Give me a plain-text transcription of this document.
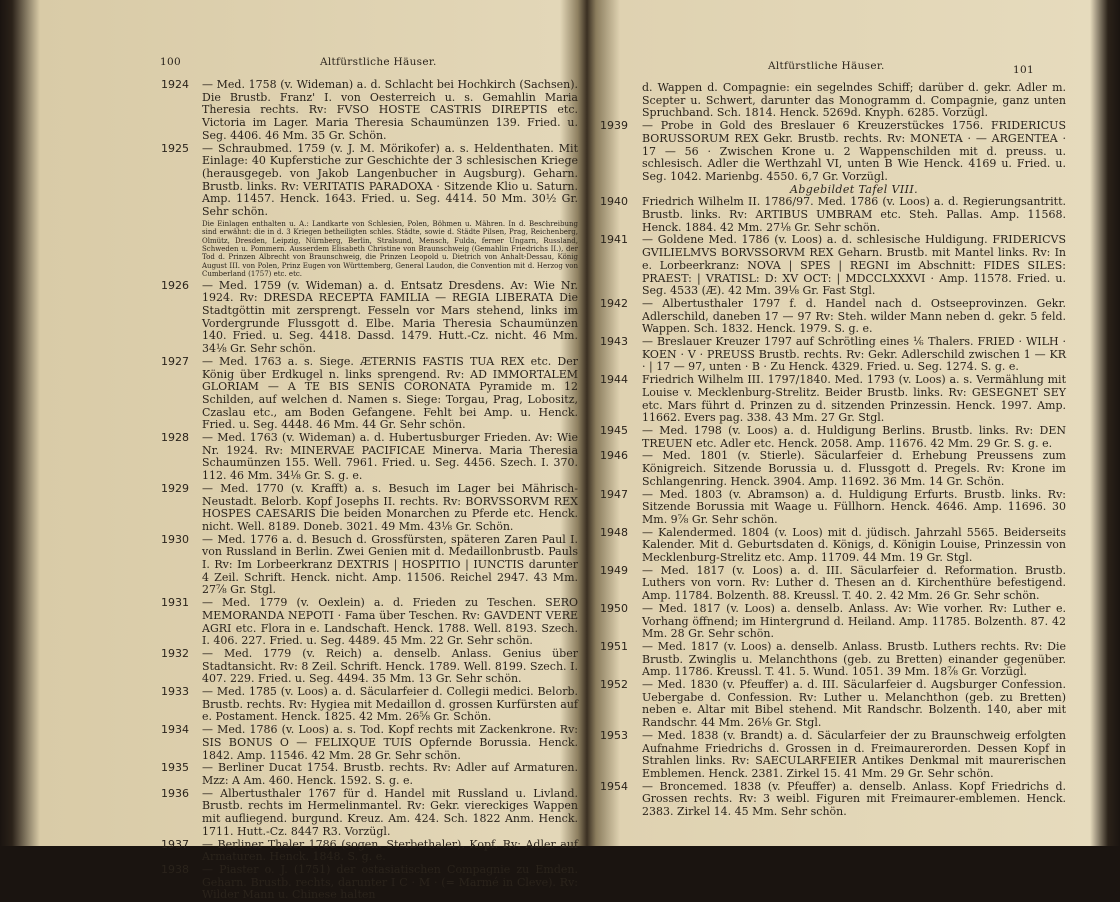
100	Altfürstliche Häuser.
1924 — Med. 1758 (v. Wideman) a. d. Schlacht bei Hochkirch (Sachsen). Die Brustb. Franz' I. von Oesterreich u. s. Gemahlin Maria Theresia rechts. Rv: FVSO HOSTE CASTRIS DIREPTIS etc. Victoria im Lager. Maria Theresia Schaumünzen 139. Fried. u. Seg. 4406. 46 Mm. 35 Gr. Schön.
1925 — Schraubmed. 1759 (v. J. M. Mörikofer) a. s. Heldenthaten. Mit Einlage: 40 Kupferstiche zur Geschichte der 3 schlesischen Kriege (herausgegeb. von Jakob Langenbucher in Augsburg). Geharn. Brustb. links. Rv: VERITATIS PARADOXA · Sitzende Klio u. Saturn. Amp. 11457. Henck. 1643. Fried. u. Seg. 4414. 50 Mm. 30½ Gr. Sehr schön.
Die Einlagen enthalten u. A.: Landkarte von Schlesien, Polen, Böhmen u. Mähren. In d. Beschreibung sind erwähnt: die in d. 3 Kriegen betheiligten schles. Städte, sowie d. Städte Pilsen, Prag, Reichenberg, Olmütz, Dresden, Leipzig, Nürnberg, Berlin, Stralsund, Mensch, Fulda, ferner Ungarn, Russland, Schweden u. Pommern. Ausserdem Elisabeth Christine von Braunschweig (Gemahlin Friedrichs II.), der Tod d. Prinzen Albrecht von Braunschweig, die Prinzen Leopold u. Dietrich von Anhalt-Dessau, König August III. von Polen, Prinz Eugen von Württemberg, General Laudon, die Convention mit d. Herzog von Cumberland (1757) etc. etc.
1926 — Med. 1759 (v. Wideman) a. d. Entsatz Dresdens. Av: Wie Nr. 1924. Rv: DRESDA RECEPTA FAMILIA — REGIA LIBERATA Die Stadtgöttin mit zersprengt. Fesseln vor Mars stehend, links im Vordergrunde Flussgott d. Elbe. Maria Theresia Schaumünzen 140. Fried. u. Seg. 4418. Dassd. 1479. Hutt.-Cz. nicht. 46 Mm. 34⅛ Gr. Sehr schön.
1927 — Med. 1763 a. s. Siege. ÆTERNIS FASTIS TUA REX etc. Der König über Erdkugel n. links sprengend. Rv: AD IMMORTALEM GLORIAM — A TE BIS SENIS CORONATA Pyramide m. 12 Schilden, auf welchen d. Namen s. Siege: Torgau, Prag, Lobositz, Czaslau etc., am Boden Gefangene. Fehlt bei Amp. u. Henck. Fried. u. Seg. 4448. 46 Mm. 44 Gr. Sehr schön.
1928 — Med. 1763 (v. Wideman) a. d. Hubertusburger Frieden. Av: Wie Nr. 1924. Rv: MINERVAE PACIFICAE Minerva. Maria Theresia Schaumünzen 155. Well. 7961. Fried. u. Seg. 4456. Szech. I. 370. 112. 46 Mm. 34⅛ Gr. S. g. e.
1929 — Med. 1770 (v. Krafft) a. s. Besuch im Lager bei Mährisch-Neustadt. Belorb. Kopf Josephs II. rechts. Rv: BORVSSORVM REX HOSPES CAESARIS Die beiden Monarchen zu Pferde etc. Henck. nicht. Well. 8189. Doneb. 3021. 49 Mm. 43⅛ Gr. Schön.
1930 — Med. 1776 a. d. Besuch d. Grossfürsten, späteren Zaren Paul I. von Russland in Berlin. Zwei Genien mit d. Medaillonbrustb. Pauls I. Rv: Im Lorbeerkranz DEXTRIS | HOSPITIO | IUNCTIS darunter 4 Zeil. Schrift. Henck. nicht. Amp. 11506. Reichel 2947. 43 Mm. 27⅞ Gr. Stgl.
1931 — Med. 1779 (v. Oexlein) a. d. Frieden zu Teschen. SERO MEMORANDA NEPOTI · Fama über Teschen. Rv: GAVDENT VERE AGRI etc. Flora in e. Landschaft. Henck. 1788. Well. 8193. Szech. I. 406. 227. Fried. u. Seg. 4489. 45 Mm. 22 Gr. Sehr schön.
1932 — Med. 1779 (v. Reich) a. denselb. Anlass. Genius über Stadtansicht. Rv: 8 Zeil. Schrift. Henck. 1789. Well. 8199. Szech. I. 407. 229. Fried. u. Seg. 4494. 35 Mm. 13 Gr. Sehr schön.
1933 — Med. 1785 (v. Loos) a. d. Säcularfeier d. Collegii medici. Belorb. Brustb. rechts. Rv: Hygiea mit Medaillon d. grossen Kurfürsten auf e. Postament. Henck. 1825. 42 Mm. 26⅝ Gr. Schön.
1934 — Med. 1786 (v. Loos) a. s. Tod. Kopf rechts mit Zackenkrone. Rv: SIS BONUS O — FELIXQUE TUIS Opfernde Borussia. Henck. 1842. Amp. 11546. 42 Mm. 28 Gr. Sehr schön.
1935 — Berliner Ducat 1754. Brustb. rechts. Rv: Adler auf Armaturen. Mzz: A Am. 460. Henck. 1592. S. g. e.
1936 — Albertusthaler 1767 für d. Handel mit Russland u. Livland. Brustb. rechts im Hermelinmantel. Rv: Gekr. viereckiges Wappen mit aufliegend. burgund. Kreuz. Am. 424. Sch. 1822 Anm. Henck. 1711. Hutt.-Cz. 8447 R3. Vorzügl.
1937 — Berliner Thaler 1786 (sogen. Sterbethaler). Kopf. Rv: Adler auf Armaturen. Henck. 1848. S. g. e.
1938 — Piaster o. J. (1751) der ostasiatischen Compagnie zu Emden. Geharn. Brustb. rechts, darunter I C · M · (= Marmé in Cleve). Rv: Wilder Mann u. Chinese halten
Altfürstliche Häuser.	101
d. Wappen d. Compagnie: ein segelndes Schiff; darüber d. gekr. Adler m. Scepter u. Schwert, darunter das Monogramm d. Compagnie, ganz unten Spruchband. Sch. 1814. Henck. 5269d. Knyph. 6285. Vorzügl.
1939 — Probe in Gold des Breslauer 6 Kreuzerstückes 1756. FRIDERICUS BORUSSORUM REX Gekr. Brustb. rechts. Rv: MONETA · — ARGENTEA · 17 — 56 · Zwischen Krone u. 2 Wappenschilden mit d. preuss. u. schlesisch. Adler die Werthzahl VI, unten B Wie Henck. 4169 u. Fried. u. Seg. 1042. Marienbg. 4550. 6,7 Gr. Vorzügl.
Abgebildet Tafel VIII.
1940 Friedrich Wilhelm II. 1786/97. Med. 1786 (v. Loos) a. d. Regierungsantritt. Brustb. links. Rv: ARTIBUS UMBRAM etc. Steh. Pallas. Amp. 11568. Henck. 1884. 42 Mm. 27⅛ Gr. Sehr schön.
1941 — Goldene Med. 1786 (v. Loos) a. d. schlesische Huldigung. FRIDERICVS GVILIELMVS BORVSSORVM REX Geharn. Brustb. mit Mantel links. Rv: In e. Lorbeerkranz: NOVA | SPES | REGNI im Abschnitt: FIDES SILES: PRAEST: | VRATISL: D: XV OCT: | MDCCLXXXVI · Amp. 11578. Fried. u. Seg. 4533 (Æ). 42 Mm. 39⅛ Gr. Fast Stgl.
1942 — Albertusthaler 1797 f. d. Handel nach d. Ostseeprovinzen. Gekr. Adlerschild, daneben 17 — 97 Rv: Steh. wilder Mann neben d. gekr. 5 feld. Wappen. Sch. 1832. Henck. 1979. S. g. e.
1943 — Breslauer Kreuzer 1797 auf Schrötling eines ⅙ Thalers. FRIED · WILH · KOEN · V · PREUSS Brustb. rechts. Rv: Gekr. Adlerschild zwischen 1 — KR · | 17 — 97, unten · B · Zu Henck. 4329. Fried. u. Seg. 1274. S. g. e.
1944 Friedrich Wilhelm III. 1797/1840. Med. 1793 (v. Loos) a. s. Vermählung mit Louise v. Mecklenburg-Strelitz. Beider Brustb. links. Rv: GESEGNET SEY etc. Mars führt d. Prinzen zu d. sitzenden Prinzessin. Henck. 1997. Amp. 11662. Evers pag. 338. 43 Mm. 27 Gr. Stgl.
1945 — Med. 1798 (v. Loos) a. d. Huldigung Berlins. Brustb. links. Rv: DEN TREUEN etc. Adler etc. Henck. 2058. Amp. 11676. 42 Mm. 29 Gr. S. g. e.
1946 — Med. 1801 (v. Stierle). Säcularfeier d. Erhebung Preussens zum Königreich. Sitzende Borussia u. d. Flussgott d. Pregels. Rv: Krone im Schlangenring. Henck. 3904. Amp. 11692. 36 Mm. 14 Gr. Schön.
1947 — Med. 1803 (v. Abramson) a. d. Huldigung Erfurts. Brustb. links. Rv: Sitzende Borussia mit Waage u. Füllhorn. Henck. 4646. Amp. 11696. 30 Mm. 9⅞ Gr. Sehr schön.
1948 — Kalendermed. 1804 (v. Loos) mit d. jüdisch. Jahrzahl 5565. Beiderseits Kalender. Mit d. Geburtsdaten d. Königs, d. Königin Louise, Prinzessin von Mecklenburg-Strelitz etc. Amp. 11709. 44 Mm. 19 Gr. Stgl.
1949 — Med. 1817 (v. Loos) a. d. III. Säcularfeier d. Reformation. Brustb. Luthers von vorn. Rv: Luther d. Thesen an d. Kirchenthüre befestigend. Amp. 11784. Bolzenth. 88. Kreussl. T. 40. 2. 42 Mm. 26 Gr. Sehr schön.
1950 — Med. 1817 (v. Loos) a. denselb. Anlass. Av: Wie vorher. Rv: Luther e. Vorhang öffnend; im Hintergrund d. Heiland. Amp. 11785. Bolzenth. 87. 42 Mm. 28 Gr. Sehr schön.
1951 — Med. 1817 (v. Loos) a. denselb. Anlass. Brustb. Luthers rechts. Rv: Die Brustb. Zwinglis u. Melanchthons (geb. zu Bretten) einander gegenüber. Amp. 11786. Kreussl. T. 41. 5. Wund. 1051. 39 Mm. 18⅞ Gr. Vorzügl.
1952 — Med. 1830 (v. Pfeuffer) a. d. III. Säcularfeier d. Augsburger Confession. Uebergabe d. Confession. Rv: Luther u. Melanchthon (geb. zu Bretten) neben e. Altar mit Bibel stehend. Mit Randschr. Bolzenth. 140, aber mit Randschr. 44 Mm. 26⅛ Gr. Stgl.
1953 — Med. 1838 (v. Brandt) a. d. Säcularfeier der zu Braunschweig erfolgten Aufnahme Friedrichs d. Grossen in d. Freimaurerorden. Dessen Kopf in Strahlen links. Rv: SAECULARFEIER Antikes Denkmal mit maurerischen Emblemen. Henck. 2381. Zirkel 15. 41 Mm. 29 Gr. Sehr schön.
1954 — Broncemed. 1838 (v. Pfeuffer) a. denselb. Anlass. Kopf Friedrichs d. Grossen rechts. Rv: 3 weibl. Figuren mit Freimaurer-emblemen. Henck. 2383. Zirkel 14. 45 Mm. Sehr schön.
